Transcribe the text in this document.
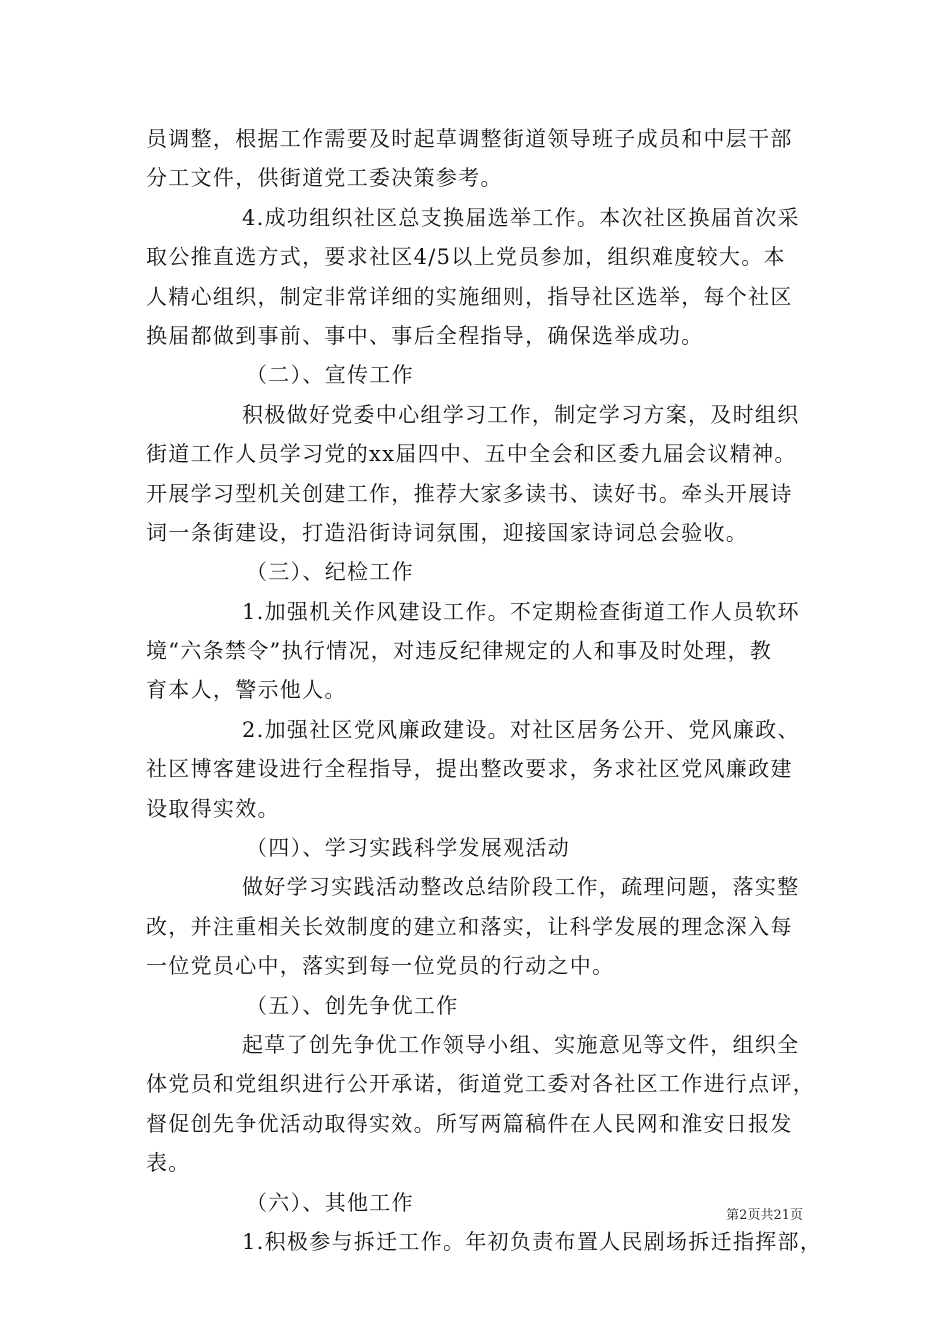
员调整，根据工作需要及时起草调整街道领导班子成员和中层干部
分工文件，供街道党工委决策参考。
4.成功组织社区总支换届选举工作。本次社区换届首次采
取公推直选方式，要求社区4/5以上党员参加，组织难度较大。本
人精心组织，制定非常详细的实施细则，指导社区选举，每个社区
换届都做到事前、事中、事后全程指导，确保选举成功。
（二）、宣传工作
积极做好党委中心组学习工作，制定学习方案，及时组织
街道工作人员学习党的xx届四中、五中全会和区委九届会议精神。
开展学习型机关创建工作，推荐大家多读书、读好书。牵头开展诗
词一条街建设，打造沿街诗词氛围，迎接国家诗词总会验收。
（三）、纪检工作
1.加强机关作风建设工作。不定期检查街道工作人员软环
境“六条禁令”执行情况，对违反纪律规定的人和事及时处理，教
育本人，警示他人。
2.加强社区党风廉政建设。对社区居务公开、党风廉政、
社区博客建设进行全程指导，提出整改要求，务求社区党风廉政建
设取得实效。
（四）、学习实践科学发展观活动
做好学习实践活动整改总结阶段工作，疏理问题，落实整
改，并注重相关长效制度的建立和落实，让科学发展的理念深入每
一位党员心中，落实到每一位党员的行动之中。
（五）、创先争优工作
起草了创先争优工作领导小组、实施意见等文件，组织全
体党员和党组织进行公开承诺，街道党工委对各社区工作进行点评，
督促创先争优活动取得实效。所写两篇稿件在人民网和淮安日报发
表。
（六）、其他工作
1.积极参与拆迁工作。年初负责布置人民剧场拆迁指挥部，
第2页共21页
